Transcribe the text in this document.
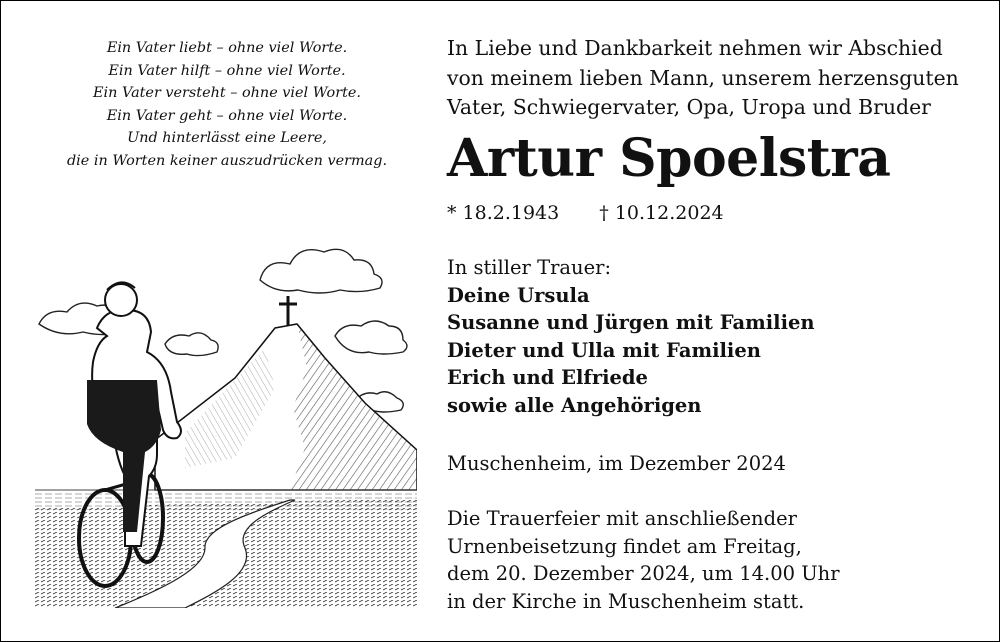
Ein Vater liebt – ohne viel Worte.
Ein Vater hilft – ohne viel Worte.
Ein Vater versteht – ohne viel Worte.
Ein Vater geht – ohne viel Worte.
Und hinterlässt eine Leere,
die in Worten keiner auszudrücken vermag.
In Liebe und Dankbarkeit nehmen wir Abschied
von meinem lieben Mann, unserem herzensguten
Vater, Schwiegervater, Opa, Uropa und Bruder
Artur Spoelstra
* 18.2.1943 † 10.12.2024
In stiller Trauer:
Deine Ursula
Susanne und Jürgen mit Familien
Dieter und Ulla mit Familien
Erich und Elfriede
sowie alle Angehörigen
Muschenheim, im Dezember 2024
Die Trauerfeier mit anschließender
Urnenbeisetzung findet am Freitag,
dem 20. Dezember 2024, um 14.00 Uhr
in der Kirche in Muschenheim statt.
